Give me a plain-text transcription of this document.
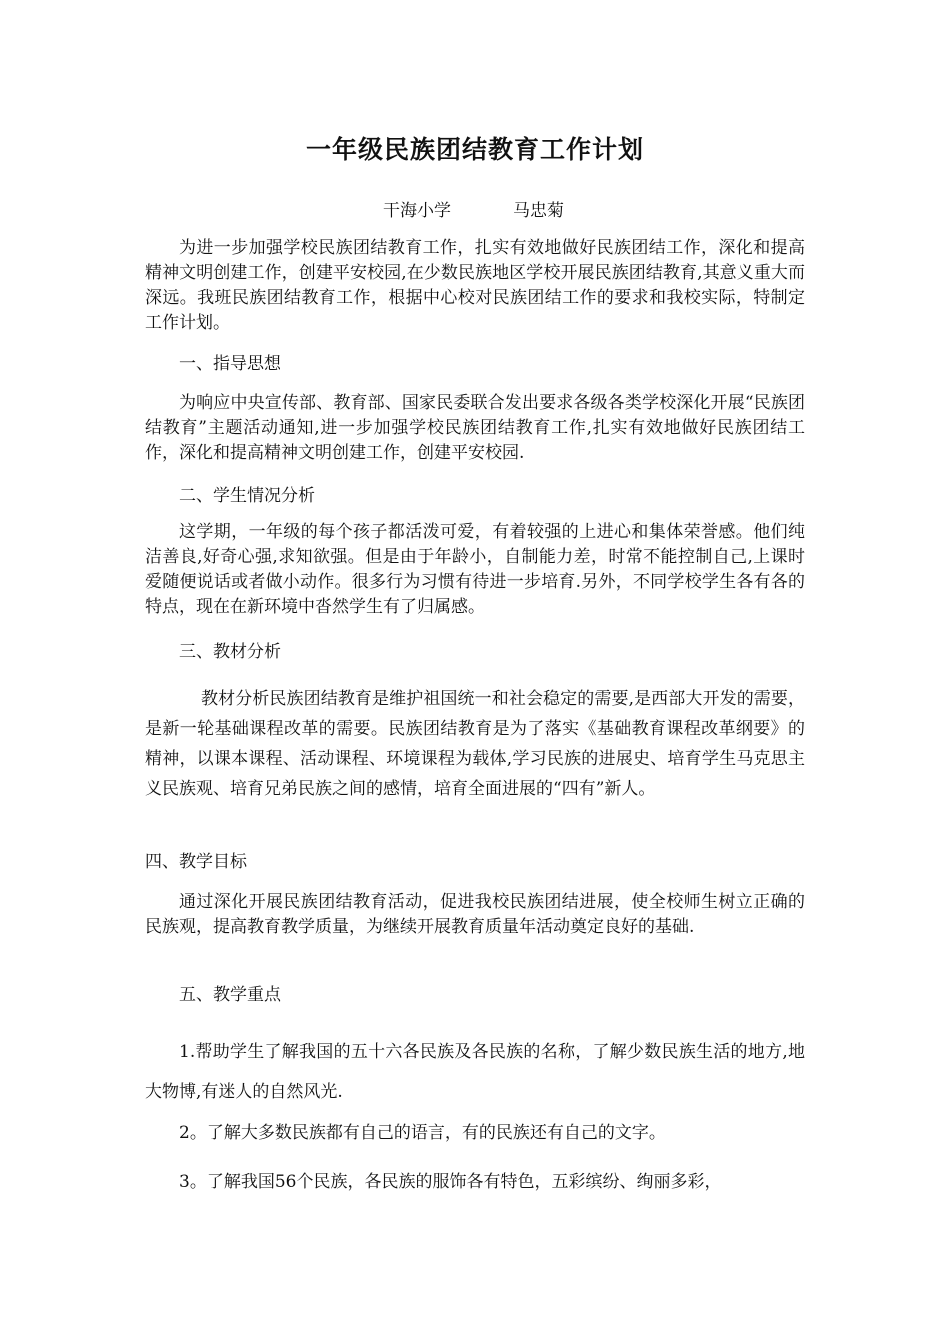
一年级民族团结教育工作计划
干海小学	马忠菊
为进一步加强学校民族团结教育工作，扎实有效地做好民族团结工作，深化和提高精神文明创建工作，创建平安校园,在少数民族地区学校开展民族团结教育,其意义重大而深远。我班民族团结教育工作，根据中心校对民族团结工作的要求和我校实际，特制定工作计划。
一、指导思想
为响应中央宣传部、教育部、国家民委联合发出要求各级各类学校深化开展“民族团结教育”主题活动通知,进一步加强学校民族团结教育工作,扎实有效地做好民族团结工作，深化和提高精神文明创建工作，创建平安校园.
二、学生情况分析
这学期，一年级的每个孩子都活泼可爱，有着较强的上进心和集体荣誉感。他们纯洁善良,好奇心强,求知欲强。但是由于年龄小，自制能力差，时常不能控制自己,上课时爱随便说话或者做小动作。很多行为习惯有待进一步培育.另外，不同学校学生各有各的特点，现在在新环境中沓然学生有了归属感。
三、教材分析
教材分析民族团结教育是维护祖国统一和社会稳定的需要,是西部大开发的需要，是新一轮基础课程改革的需要。民族团结教育是为了落实《基础教育课程改革纲要》的精神，以课本课程、活动课程、环境课程为载体,学习民族的进展史、培育学生马克思主义民族观、培育兄弟民族之间的感情，培育全面进展的“四有”新人。
四、教学目标
通过深化开展民族团结教育活动，促进我校民族团结进展，使全校师生树立正确的民族观，提高教育教学质量，为继续开展教育质量年活动奠定良好的基础.
五、教学重点
1.帮助学生了解我国的五十六各民族及各民族的名称，了解少数民族生活的地方,地大物博,有迷人的自然风光.
2。了解大多数民族都有自己的语言，有的民族还有自己的文字。
3。了解我国56个民族，各民族的服饰各有特色，五彩缤纷、绚丽多彩，
